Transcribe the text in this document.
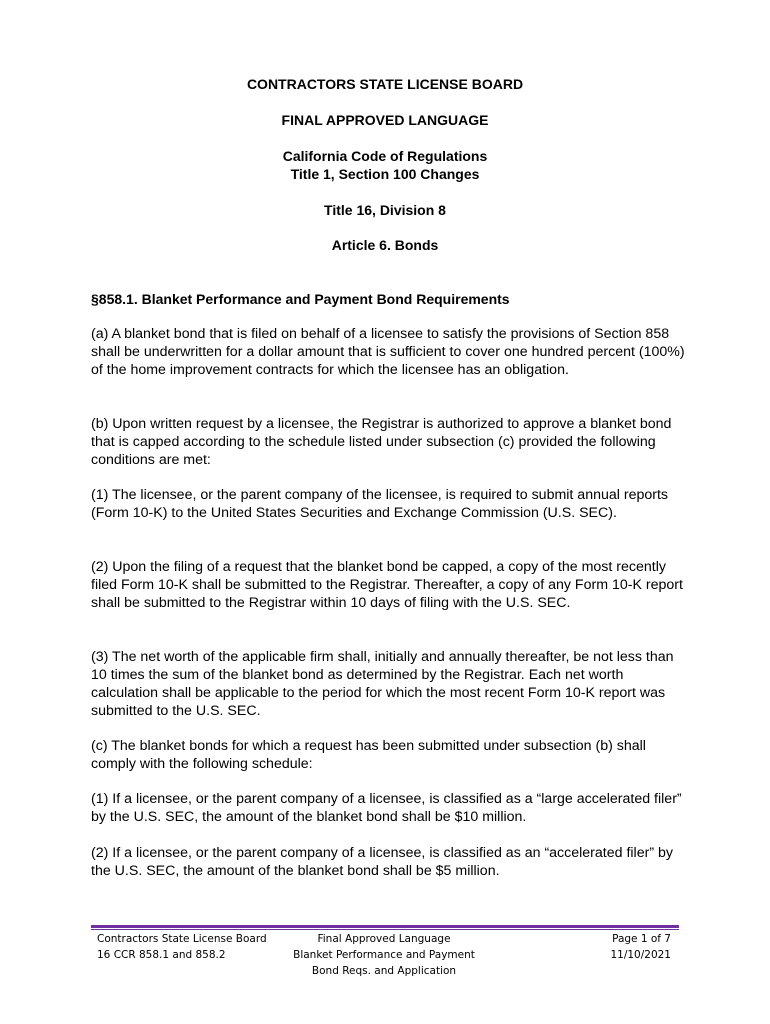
CONTRACTORS STATE LICENSE BOARD

FINAL APPROVED LANGUAGE

California Code of Regulations

Title 1, Section 100 Changes

Title 16, Division 8

Article 6. Bonds

§858.1. Blanket Performance and Payment Bond Requirements

(a) A blanket bond that is filed on behalf of a licensee to satisfy the provisions of Section 858 shall be underwritten for a dollar amount that is sufficient to cover one hundred percent (100%) of the home improvement contracts for which the licensee has an obligation.

(b) Upon written request by a licensee, the Registrar is authorized to approve a blanket bond that is capped according to the schedule listed under subsection (c) provided the following conditions are met:

(1) The licensee, or the parent company of the licensee, is required to submit annual reports (Form 10-K) to the United States Securities and Exchange Commission (U.S. SEC).

(2) Upon the filing of a request that the blanket bond be capped, a copy of the most recently filed Form 10-K shall be submitted to the Registrar. Thereafter, a copy of any Form 10-K report shall be submitted to the Registrar within 10 days of filing with the U.S. SEC.

(3) The net worth of the applicable firm shall, initially and annually thereafter, be not less than 10 times the sum of the blanket bond as determined by the Registrar. Each net worth calculation shall be applicable to the period for which the most recent Form 10-K report was submitted to the U.S. SEC.

(c) The blanket bonds for which a request has been submitted under subsection (b) shall comply with the following schedule:

(1) If a licensee, or the parent company of a licensee, is classified as a “large accelerated filer” by the U.S. SEC, the amount of the blanket bond shall be $10 million.

(2) If a licensee, or the parent company of a licensee, is classified as an “accelerated filer” by the U.S. SEC, the amount of the blanket bond shall be $5 million.

Contractors State License Board
16 CCR 858.1 and 858.2
Final Approved Language
Blanket Performance and Payment
Bond Reqs. and Application
Page 1 of 7
11/10/2021
